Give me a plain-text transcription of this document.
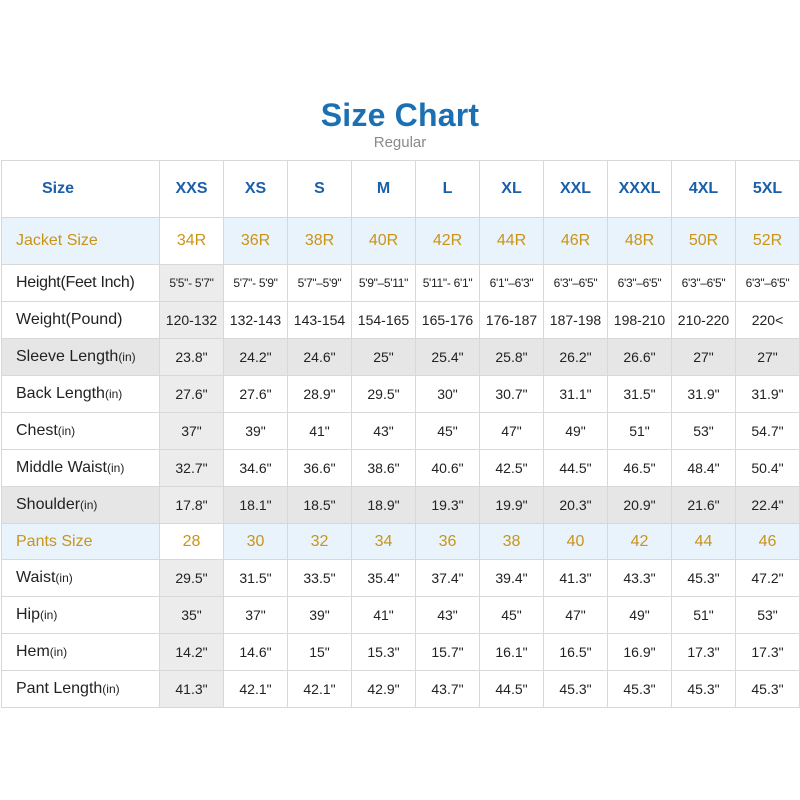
Size Chart
Regular
Size	XXS	XS	S	M	L	XL	XXL	XXXL	4XL	5XL
Jacket Size	34R	36R	38R	40R	42R	44R	46R	48R	50R	52R
Height(Feet Inch)	5'5"- 5'7"	5'7"- 5'9"	5'7"–5'9"	5'9"–5'11"	5'11"- 6'1"	6'1"–6'3"	6'3"–6'5"	6'3"–6'5"	6'3"–6'5"	6'3"–6'5"
Weight(Pound)	120-132	132-143	143-154	154-165	165-176	176-187	187-198	198-210	210-220	220<
Sleeve Length(in)	23.8"	24.2"	24.6"	25"	25.4"	25.8"	26.2"	26.6"	27"	27"
Back Length(in)	27.6"	27.6"	28.9"	29.5"	30"	30.7"	31.1"	31.5"	31.9"	31.9"
Chest(in)	37"	39"	41"	43"	45"	47"	49"	51"	53"	54.7"
Middle Waist(in)	32.7"	34.6"	36.6"	38.6"	40.6"	42.5"	44.5"	46.5"	48.4"	50.4"
Shoulder(in)	17.8"	18.1"	18.5"	18.9"	19.3"	19.9"	20.3"	20.9"	21.6"	22.4"
Pants Size	28	30	32	34	36	38	40	42	44	46
Waist(in)	29.5"	31.5"	33.5"	35.4"	37.4"	39.4"	41.3"	43.3"	45.3"	47.2"
Hip(in)	35"	37"	39"	41"	43"	45"	47"	49"	51"	53"
Hem(in)	14.2"	14.6"	15"	15.3"	15.7"	16.1"	16.5"	16.9"	17.3"	17.3"
Pant Length(in)	41.3"	42.1"	42.1"	42.9"	43.7"	44.5"	45.3"	45.3"	45.3"	45.3"
